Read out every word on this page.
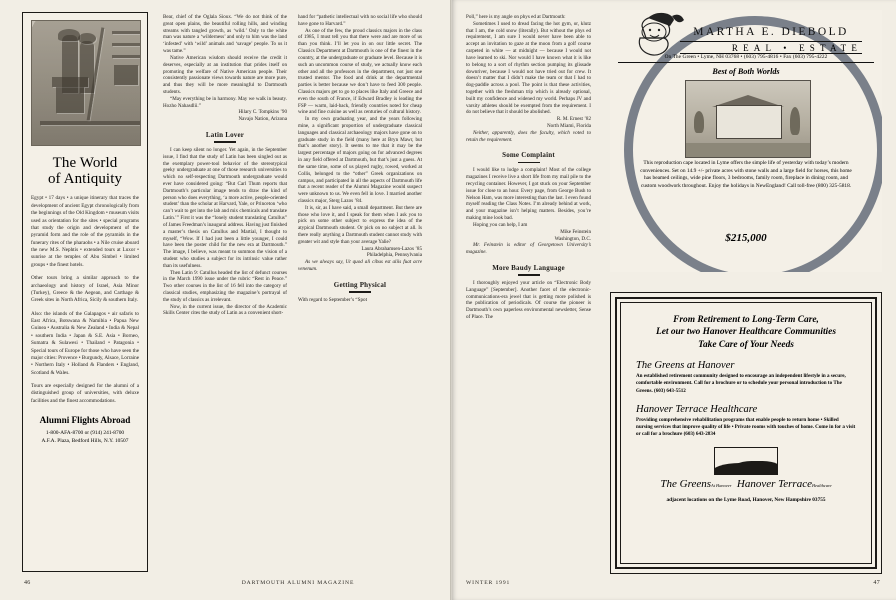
The World
of Antiquity

Egypt • 17 days • a unique itinerary that traces the development of ancient Egypt chronologically from the beginnings of the Old Kingdom • museum visits used as orientation for the sites • special programs that study the origin and development of the pyramid form and the role of the pyramids in the funerary rites of the pharaohs • a Nile cruise aboard the new M.S. Nephtis • extended tours at Luxor • sunrise at the temples of Abu Simbel • limited groups • the finest hotels.

Other tours bring a similar approach to the archaeology and history of Israel, Asia Minor (Turkey), Greece & the Aegean, and Carthage & Greek sites in North Africa, Sicily & southern Italy.

Also: the islands of the Galapagos • air safaris to East Africa, Botswana & Namibia • Papua New Guinea • Australia & New Zealand • India & Nepal • southern India • Japan & S.E. Asia • Borneo, Sumatra & Sulawesi • Thailand • Patagonia • Special tours of Europe for those who have seen the major cities: Provence • Burgundy, Alsace, Lorraine • Northern Italy • Holland & Flanders • England, Scotland & Wales.

Tours are especially designed for the alumni of a distinguished group of universities, with deluxe facilities and the finest accommodations.

Alumni Flights Abroad
1-800-AFA-8700 or (914) 241-8700
A.F.A. Plaza, Bedford Hills, N.Y. 10507

Bear, chief of the Oglala Sioux. “We do not think of the great open plains, the beautiful rolling hills, and winding streams with tangled growth, as ‘wild.’ Only to the white man was nature a ‘wilderness’ and only to him was the land ‘infested’ with ‘wild’ animals and ‘savage’ people. To us it was tame.”

Native American wisdom should receive the credit it deserves, especially at an institution that prides itself on promoting the welfare of Native American people. Their consistently passionate views towards nature are more pure, and thus they will be more meaningful to Dartmouth students.

“May everything be in harmony. May we walk in beauty. Hozho Nahasdlii.”

Hilary C. Tompkins ’90

Navajo Nation, Arizona

Latin Lover

I can keep silent no longer. Yet again, in the September issue, I find that the study of Latin has been singled out as the exemplary power-tool behavior of the stereotypical geeky undergraduate at one of those research universities to which no self-respecting Dartmouth undergraduate would ever have considered going: “But Carl Thum reports that Dartmouth’s particular image tends to draw the kind of person who does everything, ‘a more active, people-oriented student’ than the scholar at Harvard, Yale, or Princeton ‘who can’t wait to get into the lab and mix chemicals and translate Latin.’” First it was the “lonely student translating Catullus” of James Freedman’s inaugural address. Having just finished a master’s thesis on Catullus and Martial, I thought to myself, “Wow. If I had just been a little younger, I could have been the poster child for the new era at Dartmouth.” The image, I believe, was meant to summon the vision of a student who studies a subject for its intrinsic value rather than its usefulness.

Then Latin 9: Catullus headed the list of defunct courses in the March 1990 issue under the rubric “Rest in Peace.” Two other courses in the list of 16 fell into the category of classical studies, emphasizing the magazine’s portrayal of the study of classics as irrelevant.

Now, in the current issue, the director of the Academic Skills Center cites the study of Latin as a convenient short-

hand for “pathetic intellectual with no social life who should have gone to Harvard.”

As one of the few, the proud classics majors in the class of 1985, I must tell you that there were and are more of us than you think. I’ll let you in on our little secret. The Classics Department at Dartmouth is one of the finest in the country, at the undergraduate or graduate level. Because it is such an uncommon course of study, we actually know each other and all the professors in the department, not just one trusted mentor. The food and drink at the departmental parties is better because we don’t have to feed 300 people. Classics majors get to go to places like Italy and Greece and even the south of France, if Edward Bradley is leading the FSP — warm, laid-back, friendly countries noted for cheap wine and fine cuisine as well as centuries of cultural history.

In my own graduating year, and the years following mine, a significant proportion of undergraduate classical languages and classical archaeology majors have gone on to graduate study in the field (many here at Bryn Mawr, but that’s another story). It seems to me that it may be the largest percentage of majors going on for advanced degrees in any field offered at Dartmouth, but that’s just a guess. At the same time, some of us played rugby, rowed, worked at Collis, belonged to the “other” Greek organizations on campus, and participated in all the aspects of Dartmouth life that a recent reader of the Alumni Magazine would suspect were unknown to us. We even fell in love. I married another classics major, Sterg Lazos ’84.

It is, sir, as I have said, a small department. But there are those who love it, and I speak for them when I ask you to pick on some other subject to express the idea of the atypical Dartmouth student. Or pick on no subject at all. Is there really anything a Dartmouth student cannot study with greater wit and style than your average Yalie?

Laura Abrahamsen-Lazos ’85

Philadelphia, Pennsylvania

As we always say, Ut quod ali cibus est aliis fuat acre venenum.

Getting Physical

With regard to September’s “Spot

46	DARTMOUTH ALUMNI MAGAZINE

Poll,” here is my angle on phys ed at Dartmouth:

Sometimes I used to dread facing the hot gym, or, klutz that I am, the cold snow (literally). But without the phys ed requirement, I am sure I would never have been able to accept an invitation to gaze at the moon from a golf course carpeted in white — at midnight — because I would not have learned to ski. Nor would I have known what it is like to belong to a sort of rhythm section pumping its glissade downriver, because I would not have tried out for crew. It doesn’t matter that I didn’t make the team or that I had to dog-paddle across a pool. The point is that these activities, together with the freshman trip which is already optional, built my confidence and widened my world. Perhaps JV and varsity athletes should be exempted from the requirement. I do not believe that it should be abolished.

R. M. Ernest ’82

North Miami, Florida

Neither, apparently, does the faculty, which voted to retain the requirement.

Some Complaint

I would like to lodge a complaint! Most of the college magazines I receive live a short life from my mail pile to the recycling container. However, I got stuck on your September issue for close to an hour. Every page, from George Bush to Nelson Ham, was more interesting than the last. I even found myself reading the Class Notes. I’m already behind at work, and your magazine isn’t helping matters. Besides, you’re making mine look bad.

Hoping you can help, I am

Mike Feinstein

Washington, D.C.

Mr. Feinstein is editor of Georgetown University’s magazine.

More Baudy Language

I thoroughly enjoyed your article on “Electronic Body Language” [September]. Another facet of the electronic-communications-era jewel that is getting more polished is the publication of periodicals. Of course the pioneer is Dartmouth’s own paperless environmental newsletter, Sense of Place. The

WINTER 1991
MARTHA E. DIEBOLD
REAL • ESTATE
On The Green • Lyme, NH 03768 • (603) 795-4816 • Fax (603) 795-4222
Best of Both Worlds
This reproduction cape located in Lyme offers the simple life of yesterday with today’s modern conveniences. Set on 14.9 +/- private acres with stone walls and a large field for horses, this home has beamed ceilings, wide pine floors, 3 bedrooms, family room, fireplace in dining room, and custom woodwork throughout. Enjoy the holidays in NewEngland! Call toll-free (800) 325-5818.
$215,000
From Retirement to Long-Term Care,
Let our two Hanover Healthcare Communities
Take Care of Your Needs
The Greens at Hanover
An established retirement community designed to encourage an independent lifestyle in a secure, comfortable environment. Call for a brochure or to schedule your personal introduction to The Greens. (603) 643-5512
Hanover Terrace Healthcare
Providing comprehensive rehabilitation programs that enable people to return home • Skilled nursing services that improve quality of life • Private rooms with touches of home. Come in for a visit or call for a brochure (603) 643-2834
The GreensAt Hanover Hanover TerraceHealthcare
adjacent locations on the Lyme Road, Hanover, New Hampshire 03755
47
